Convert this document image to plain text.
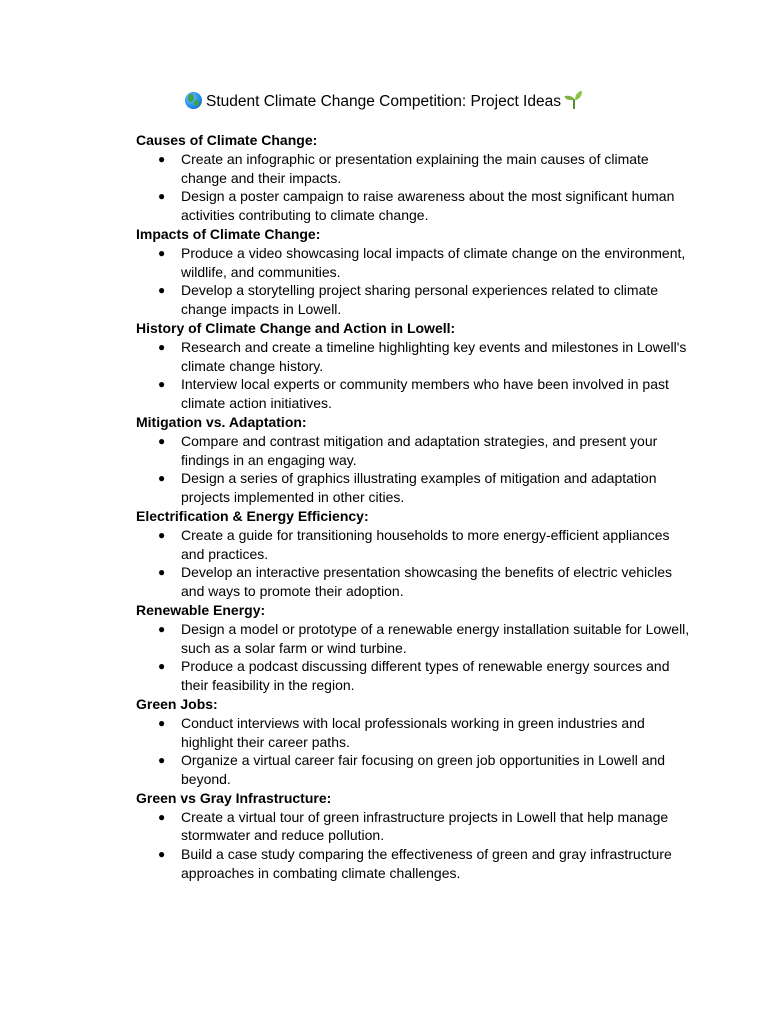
Student Climate Change Competition: Project Ideas

Causes of Climate Change:

● Create an infographic or presentation explaining the main causes of climate change and their impacts.
● Design a poster campaign to raise awareness about the most significant human activities contributing to climate change.

Impacts of Climate Change:

● Produce a video showcasing local impacts of climate change on the environment, wildlife, and communities.
● Develop a storytelling project sharing personal experiences related to climate change impacts in Lowell.

History of Climate Change and Action in Lowell:

● Research and create a timeline highlighting key events and milestones in Lowell's climate change history.
● Interview local experts or community members who have been involved in past climate action initiatives.

Mitigation vs. Adaptation:

● Compare and contrast mitigation and adaptation strategies, and present your findings in an engaging way.
● Design a series of graphics illustrating examples of mitigation and adaptation projects implemented in other cities.

Electrification & Energy Efficiency:

● Create a guide for transitioning households to more energy-efficient appliances and practices.
● Develop an interactive presentation showcasing the benefits of electric vehicles and ways to promote their adoption.

Renewable Energy:

● Design a model or prototype of a renewable energy installation suitable for Lowell, such as a solar farm or wind turbine.
● Produce a podcast discussing different types of renewable energy sources and their feasibility in the region.

Green Jobs:

● Conduct interviews with local professionals working in green industries and highlight their career paths.
● Organize a virtual career fair focusing on green job opportunities in Lowell and beyond.

Green vs Gray Infrastructure:

● Create a virtual tour of green infrastructure projects in Lowell that help manage stormwater and reduce pollution.
● Build a case study comparing the effectiveness of green and gray infrastructure approaches in combating climate challenges.
